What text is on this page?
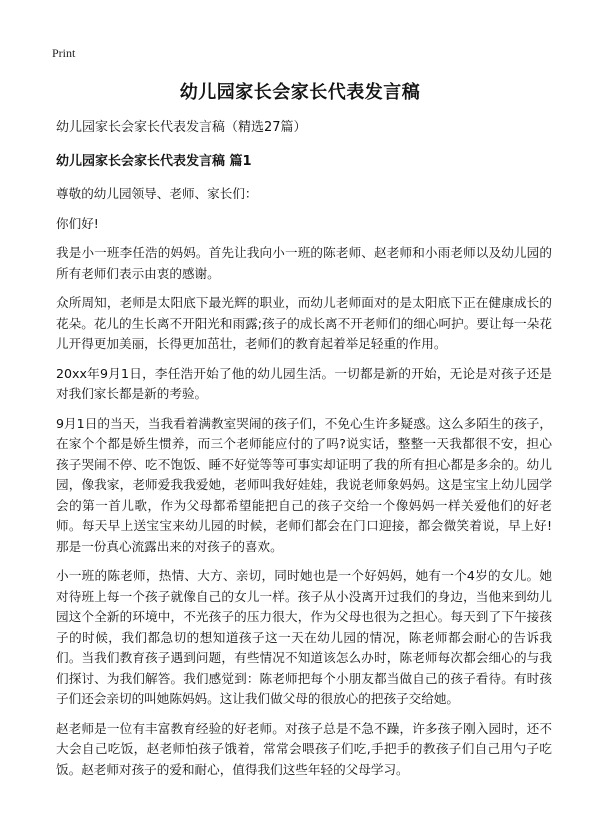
Print
幼儿园家长会家长代表发言稿
幼儿园家长会家长代表发言稿（精选27篇）
幼儿园家长会家长代表发言稿 篇1

尊敬的幼儿园领导、老师、家长们：

你们好!

我是小一班李任浩的妈妈。首先让我向小一班的陈老师、赵老师和小雨老师以及幼儿园的所有老师们表示由衷的感谢。

众所周知，老师是太阳底下最光辉的职业，而幼儿老师面对的是太阳底下正在健康成长的花朵。花儿的生长离不开阳光和雨露;孩子的成长离不开老师们的细心呵护。要让每一朵花儿开得更加美丽，长得更加茁壮，老师们的教育起着举足轻重的作用。

20xx年9月1日，李任浩开始了他的幼儿园生活。一切都是新的开始，无论是对孩子还是对我们家长都是新的考验。

9月1日的当天，当我看着满教室哭闹的孩子们，不免心生许多疑惑。这么多陌生的孩子，在家个个都是娇生惯养，而三个老师能应付的了吗?说实话，整整一天我都很不安，担心孩子哭闹不停、吃不饱饭、睡不好觉等等可事实却证明了我的所有担心都是多余的。幼儿园，像我家，老师爱我我爱她，老师叫我好娃娃，我说老师象妈妈。这是宝宝上幼儿园学会的第一首儿歌，作为父母都希望能把自己的孩子交给一个像妈妈一样关爱他们的好老师。每天早上送宝宝来幼儿园的时候，老师们都会在门口迎接，都会微笑着说，早上好!那是一份真心流露出来的对孩子的喜欢。

小一班的陈老师，热情、大方、亲切，同时她也是一个好妈妈，她有一个4岁的女儿。她对待班上每一个孩子就像自己的女儿一样。孩子从小没离开过我们的身边，当他来到幼儿园这个全新的环境中，不光孩子的压力很大，作为父母也很为之担心。每天到了下午接孩子的时候，我们都急切的想知道孩子这一天在幼儿园的情况，陈老师都会耐心的告诉我们。当我们教育孩子遇到问题，有些情况不知道该怎么办时，陈老师每次都会细心的与我们探讨、为我们解答。我们感觉到：陈老师把每个小朋友都当做自己的孩子看待。有时孩子们还会亲切的叫她陈妈妈。这让我们做父母的很放心的把孩子交给她。

赵老师是一位有丰富教育经验的好老师。对孩子总是不急不躁，许多孩子刚入园时，还不大会自己吃饭，赵老师怕孩子饿着，常常会喂孩子们吃,手把手的教孩子们自己用勺子吃饭。赵老师对孩子的爱和耐心，值得我们这些年轻的父母学习。
